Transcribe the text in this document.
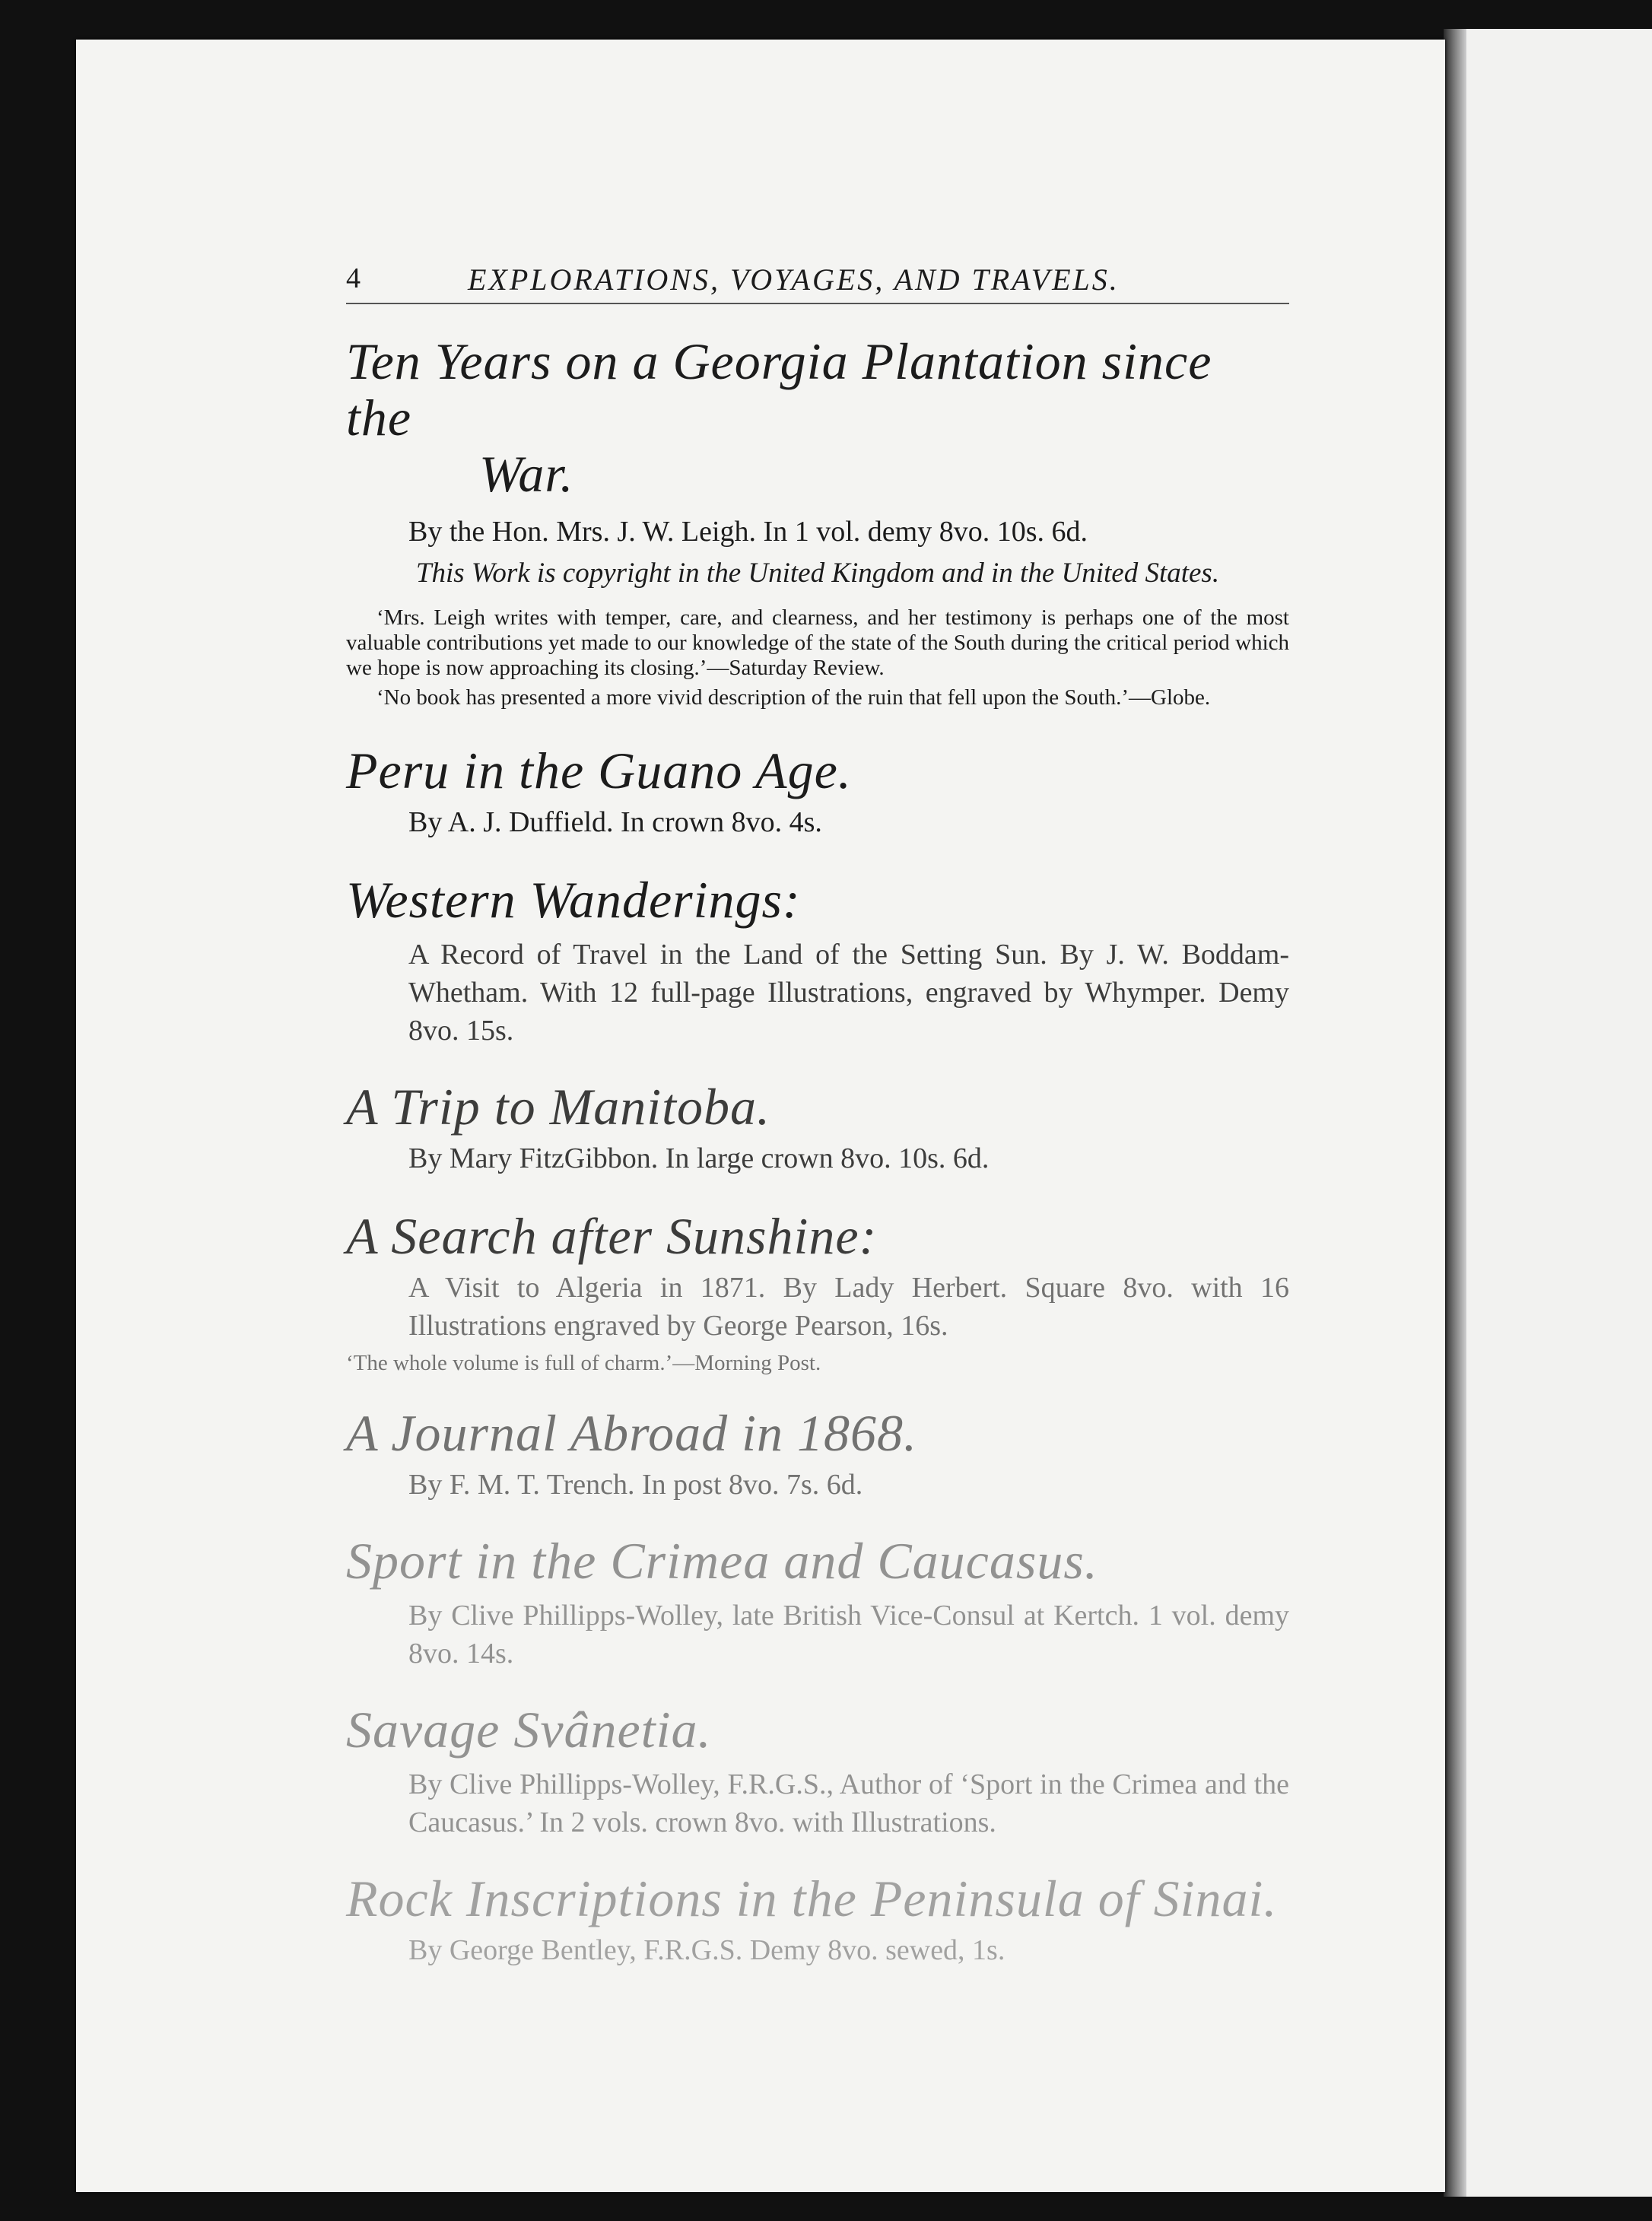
4	EXPLORATIONS, VOYAGES, AND TRAVELS.
Ten Years on a Georgia Plantation since the
War.
By the Hon. Mrs. J. W. Leigh. In 1 vol. demy 8vo. 10s. 6d.
This Work is copyright in the United Kingdom and in the United States.
‘Mrs. Leigh writes with temper, care, and clearness, and her testimony is perhaps one of the most valuable contributions yet made to our knowledge of the state of the South during the critical period which we hope is now approaching its closing.’—Saturday Review.
‘No book has presented a more vivid description of the ruin that fell upon the South.’—Globe.
Peru in the Guano Age.
By A. J. Duffield. In crown 8vo. 4s.
Western Wanderings:
A Record of Travel in the Land of the Setting Sun. By J. W. Boddam-Whetham. With 12 full-page Illustrations, engraved by Whymper. Demy 8vo. 15s.
A Trip to Manitoba.
By Mary FitzGibbon. In large crown 8vo. 10s. 6d.
A Search after Sunshine:
A Visit to Algeria in 1871. By Lady Herbert. Square 8vo. with 16 Illustrations engraved by George Pearson, 16s.
‘The whole volume is full of charm.’—Morning Post.
A Journal Abroad in 1868.
By F. M. T. Trench. In post 8vo. 7s. 6d.
Sport in the Crimea and Caucasus.
By Clive Phillipps-Wolley, late British Vice-Consul at Kertch. 1 vol. demy 8vo. 14s.
Savage Svânetia.
By Clive Phillipps-Wolley, F.R.G.S., Author of ‘Sport in the Crimea and the Caucasus.’ In 2 vols. crown 8vo. with Illustrations.
Rock Inscriptions in the Peninsula of Sinai.
By George Bentley, F.R.G.S. Demy 8vo. sewed, 1s.
